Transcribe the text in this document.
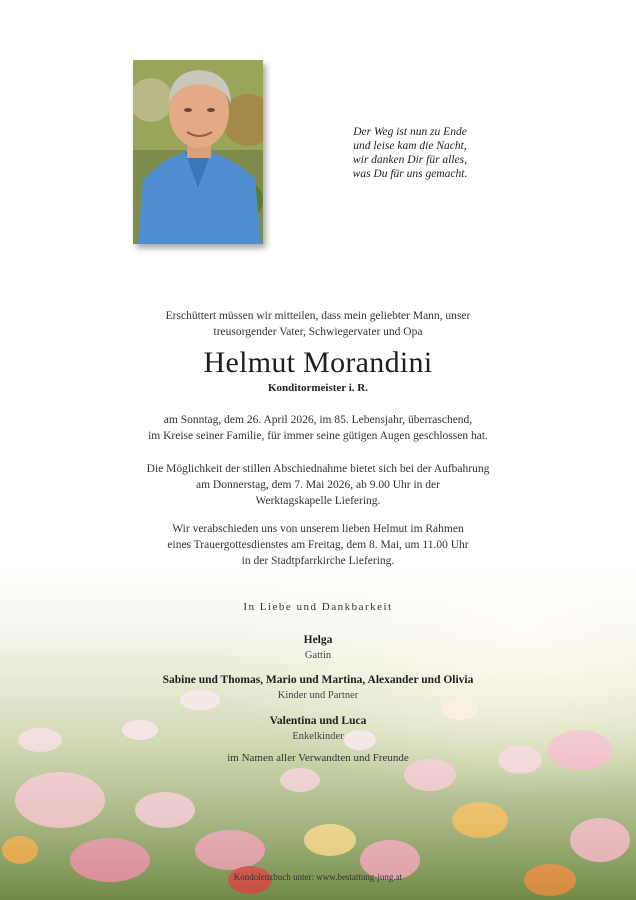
Der Weg ist nun zu Ende
und leise kam die Nacht,
wir danken Dir für alles,
was Du für uns gemacht.
Erschüttert müssen wir mitteilen, dass mein geliebter Mann, unser
treusorgender Vater, Schwiegervater und Opa
Helmut Morandini
Konditormeister i. R.
am Sonntag, dem 26. April 2026, im 85. Lebensjahr, überraschend,
im Kreise seiner Familie, für immer seine gütigen Augen geschlossen hat.
Die Möglichkeit der stillen Abschiednahme bietet sich bei der Aufbahrung
am Donnerstag, dem 7. Mai 2026, ab 9.00 Uhr in der
Werktagskapelle Liefering.
Wir verabschieden uns von unserem lieben Helmut im Rahmen
eines Trauergottesdienstes am Freitag, dem 8. Mai, um 11.00 Uhr
in der Stadtpfarrkirche Liefering.
In Liebe und Dankbarkeit
Helga
Gattin
Sabine und Thomas, Mario und Martina, Alexander und Olivia
Kinder und Partner
Valentina und Luca
Enkelkinder
im Namen aller Verwandten und Freunde
Kondolenzbuch unter: www.bestattung-jung.at
